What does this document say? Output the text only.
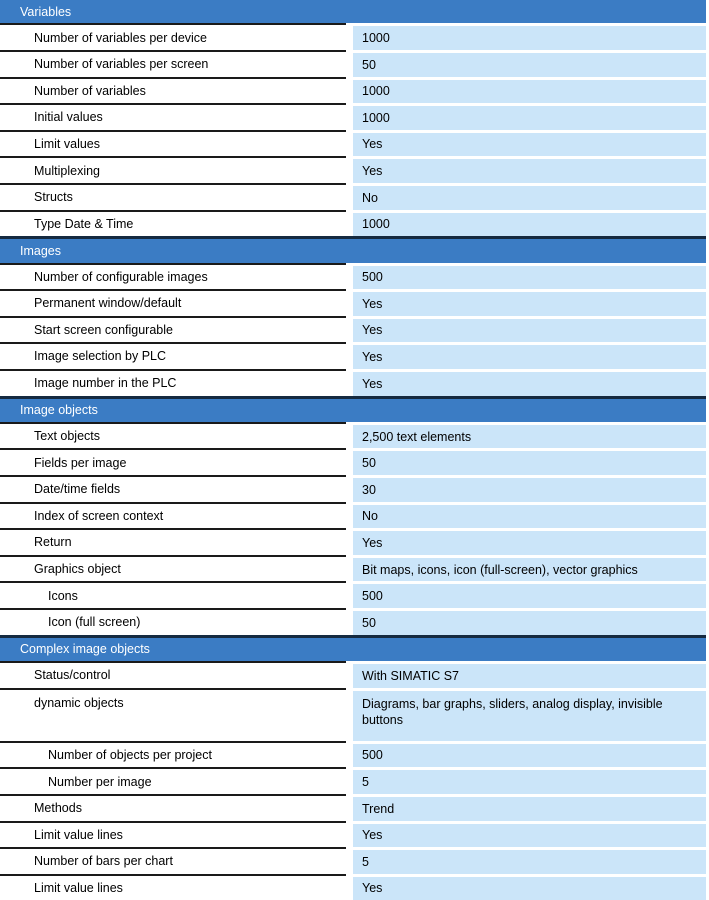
Variables
Number of variables per device	1000
Number of variables per screen	50
Number of variables	1000
Initial values	1000
Limit values	Yes
Multiplexing	Yes
Structs	No
Type Date & Time	1000
Images
Number of configurable images	500
Permanent window/default	Yes
Start screen configurable	Yes
Image selection by PLC	Yes
Image number in the PLC	Yes
Image objects
Text objects	2,500 text elements
Fields per image	50
Date/time fields	30
Index of screen context	No
Return	Yes
Graphics object	Bit maps, icons, icon (full-screen), vector graphics
Icons	500
Icon (full screen)	50
Complex image objects
Status/control	With SIMATIC S7
dynamic objects	Diagrams, bar graphs, sliders, analog display, invisible buttons
Number of objects per project	500
Number per image	5
Methods	Trend
Limit value lines	Yes
Number of bars per chart	5
Limit value lines	Yes
